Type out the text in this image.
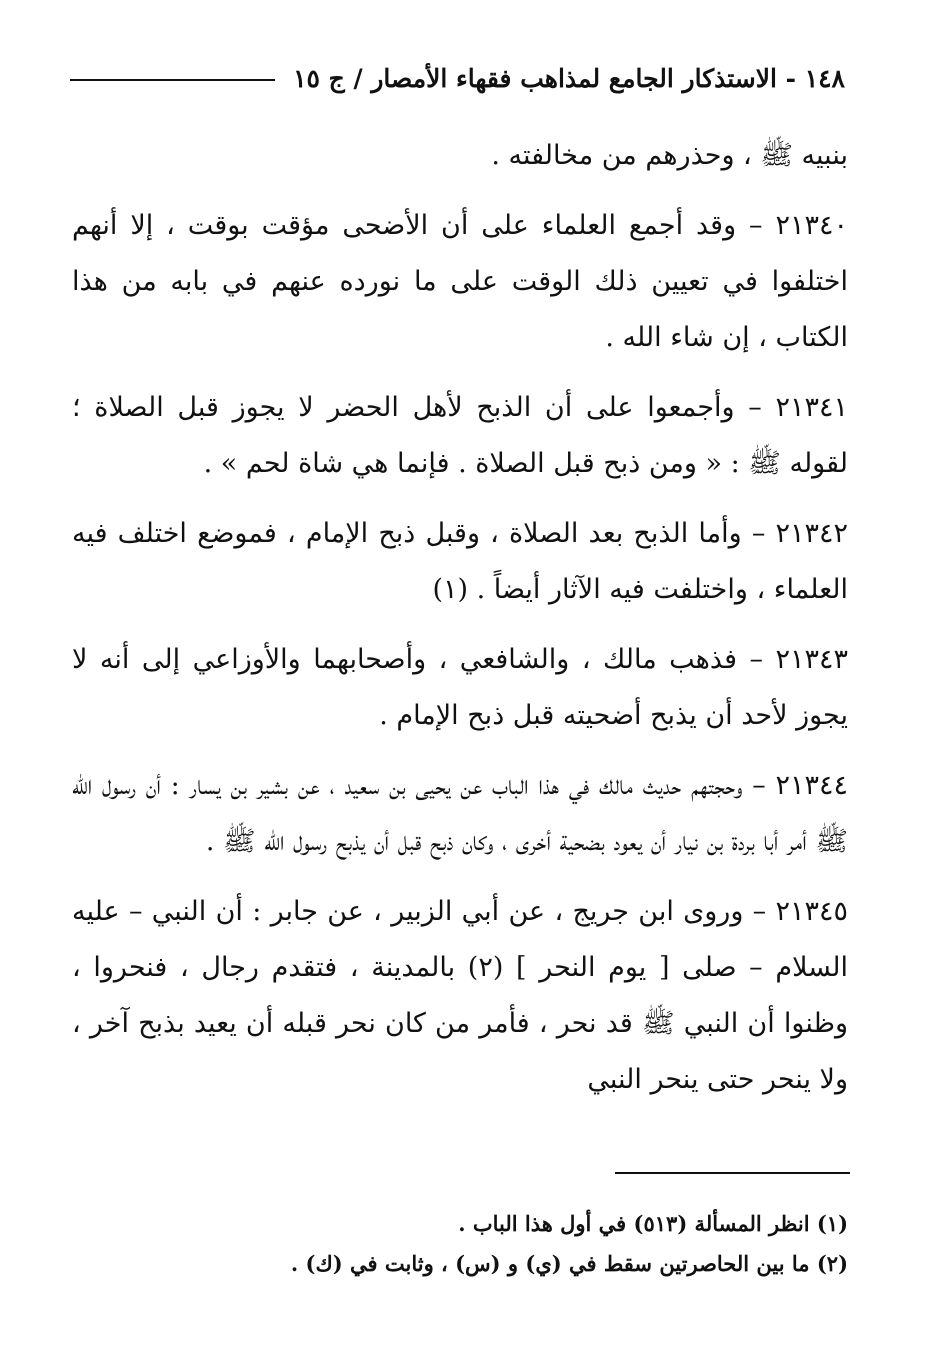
١٤٨ - الاستذكار الجامع لمذاهب فقهاء الأمصار / ج ١٥

بنبيه ﷺ ، وحذرهم من مخالفته .

٢١٣٤٠ – وقد أجمع العلماء على أن الأضحى مؤقت بوقت ، إلا أنهم اختلفوا في تعيين ذلك الوقت على ما نورده عنهم في بابه من هذا الكتاب ، إن شاء الله .

٢١٣٤١ – وأجمعوا على أن الذبح لأهل الحضر لا يجوز قبل الصلاة ؛ لقوله ﷺ : « ومن ذبح قبل الصلاة . فإنما هي شاة لحم » .

٢١٣٤٢ – وأما الذبح بعد الصلاة ، وقبل ذبح الإمام ، فموضع اختلف فيه العلماء ، واختلفت فيه الآثار أيضاً . (١)

٢١٣٤٣ – فذهب مالك ، والشافعي ، وأصحابهما والأوزاعي إلى أنه لا يجوز لأحد أن يذبح أضحيته قبل ذبح الإمام .

٢١٣٤٤ – وحجتهم حديث مالك في هذا الباب عن يحيى بن سعيد ، عن بشير بن يسار : أن رسول الله ﷺ أمر أبا بردة بن نيار أن يعود بضحية أخرى ، وكان ذبح قبل أن يذبح رسول الله ﷺ .

٢١٣٤٥ – وروى ابن جريج ، عن أبي الزبير ، عن جابر : أن النبي – عليه السلام – صلى [ يوم النحر ] (٢) بالمدينة ، فتقدم رجال ، فنحروا ، وظنوا أن النبي ﷺ قد نحر ، فأمر من كان نحر قبله أن يعيد بذبح آخر ، ولا ينحر حتى ينحر النبي

(١) انظر المسألة (٥١٣) في أول هذا الباب .

(٢) ما بين الحاصرتين سقط في (ي) و (س) ، وثابت في (ك) .
